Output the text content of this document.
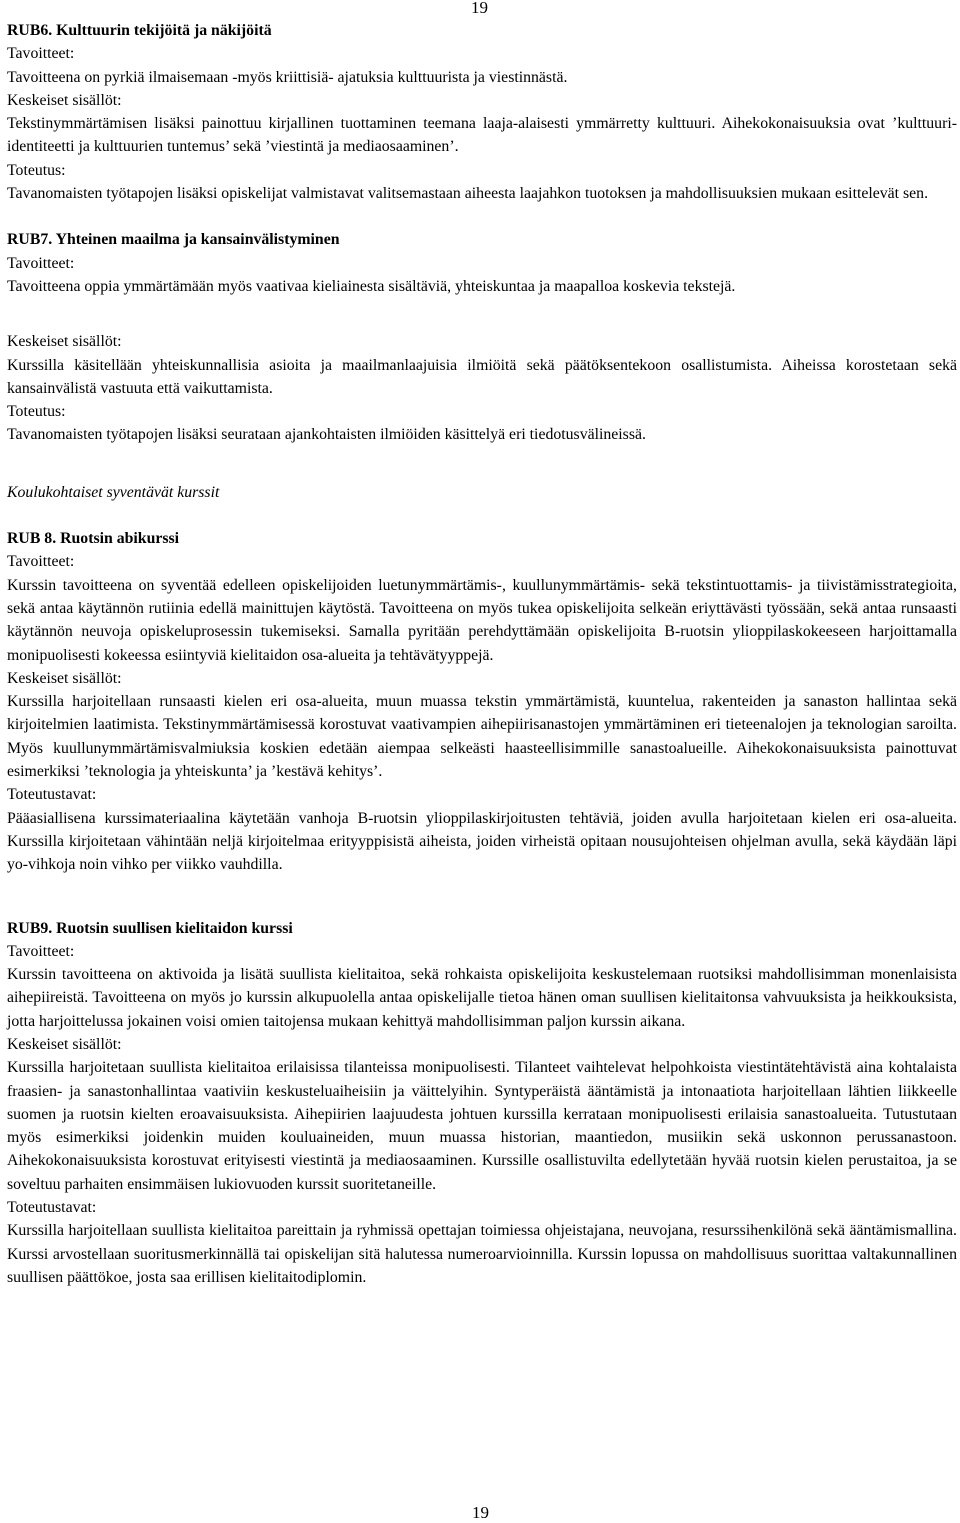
19

RUB6. Kulttuurin tekijöitä ja näkijöitä

Tavoitteet:

Tavoitteena on pyrkiä ilmaisemaan -myös kriittisiä- ajatuksia kulttuurista ja viestinnästä.

Keskeiset sisällöt:

Tekstinymmärtämisen lisäksi painottuu kirjallinen tuottaminen teemana laaja-alaisesti ymmärretty kulttuuri. Aihekokonaisuuksia ovat ’kulttuuri-identiteetti ja kulttuurien tuntemus’ sekä ’viestintä ja mediaosaaminen’.

Toteutus:

Tavanomaisten työtapojen lisäksi opiskelijat valmistavat valitsemastaan aiheesta laajahkon tuotoksen ja mahdollisuuksien mukaan esittelevät sen.

RUB7. Yhteinen maailma ja kansainvälistyminen

Tavoitteet:

Tavoitteena oppia ymmärtämään myös vaativaa kieliainesta sisältäviä, yhteiskuntaa ja maapalloa koskevia tekstejä.

Keskeiset sisällöt:

Kurssilla käsitellään yhteiskunnallisia asioita ja maailmanlaajuisia ilmiöitä sekä päätöksentekoon osallistumista. Aiheissa korostetaan sekä kansainvälistä vastuuta että vaikuttamista.

Toteutus:

Tavanomaisten työtapojen lisäksi seurataan ajankohtaisten ilmiöiden käsittelyä eri tiedotusvälineissä.

Koulukohtaiset syventävät kurssit

RUB 8. Ruotsin abikurssi

Tavoitteet:

Kurssin tavoitteena on syventää edelleen opiskelijoiden luetunymmärtämis-, kuullunymmärtämis- sekä tekstintuottamis- ja tiivistämisstrategioita, sekä antaa käytännön rutiinia edellä mainittujen käytöstä. Tavoitteena on myös tukea opiskelijoita selkeän eriyttävästi työssään, sekä antaa runsaasti käytännön neuvoja opiskeluprosessin tukemiseksi. Samalla pyritään perehdyttämään opiskelijoita B-ruotsin ylioppilaskokeeseen harjoittamalla monipuolisesti kokeessa esiintyviä kielitaidon osa-alueita ja tehtävätyyppejä.

Keskeiset sisällöt:

Kurssilla harjoitellaan runsaasti kielen eri osa-alueita, muun muassa tekstin ymmärtämistä, kuuntelua, rakenteiden ja sanaston hallintaa sekä kirjoitelmien laatimista. Tekstinymmärtämisessä korostuvat vaativampien aihepiirisanastojen ymmärtäminen eri tieteenalojen ja teknologian saroilta. Myös kuullunymmärtämisvalmiuksia koskien edetään aiempaa selkeästi haasteellisimmille sanastoalueille. Aihekokonaisuuksista painottuvat esimerkiksi ’teknologia ja yhteiskunta’ ja ’kestävä kehitys’.

Toteutustavat:

Pääasiallisena kurssimateriaalina käytetään vanhoja B-ruotsin ylioppilaskirjoitusten tehtäviä, joiden avulla harjoitetaan kielen eri osa-alueita. Kurssilla kirjoitetaan vähintään neljä kirjoitelmaa erityyppisistä aiheista, joiden virheistä opitaan nousujohteisen ohjelman avulla, sekä käydään läpi yo-vihkoja noin vihko per viikko vauhdilla.

RUB9. Ruotsin suullisen kielitaidon kurssi

Tavoitteet:

Kurssin tavoitteena on aktivoida ja lisätä suullista kielitaitoa, sekä rohkaista opiskelijoita keskustelemaan ruotsiksi mahdollisimman monenlaisista aihepiireistä. Tavoitteena on myös jo kurssin alkupuolella antaa opiskelijalle tietoa hänen oman suullisen kielitaitonsa vahvuuksista ja heikkouksista, jotta harjoittelussa jokainen voisi omien taitojensa mukaan kehittyä mahdollisimman paljon kurssin aikana.

Keskeiset sisällöt:

Kurssilla harjoitetaan suullista kielitaitoa erilaisissa tilanteissa monipuolisesti. Tilanteet vaihtelevat helpohkoista viestintätehtävistä aina kohtalaista fraasien- ja sanastonhallintaa vaativiin keskusteluaiheisiin ja väittelyihin. Syntyperäistä ääntämistä ja intonaatiota harjoitellaan lähtien liikkeelle suomen ja ruotsin kielten eroavaisuuksista. Aihepiirien laajuudesta johtuen kurssilla kerrataan monipuolisesti erilaisia sanastoalueita. Tutustutaan myös esimerkiksi joidenkin muiden kouluaineiden, muun muassa historian, maantiedon, musiikin sekä uskonnon perussanastoon. Aihekokonaisuuksista korostuvat erityisesti viestintä ja mediaosaaminen. Kurssille osallistuvilta edellytetään hyvää ruotsin kielen perustaitoa, ja se soveltuu parhaiten ensimmäisen lukiovuoden kurssit suoritetaneille.

Toteutustavat:

Kurssilla harjoitellaan suullista kielitaitoa pareittain ja ryhmissä opettajan toimiessa ohjeistajana, neuvojana, resurssihenkilönä sekä ääntämismallina. Kurssi arvostellaan suoritusmerkinnällä tai opiskelijan sitä halutessa numeroarvioinnilla. Kurssin lopussa on mahdollisuus suorittaa valtakunnallinen suullisen päättökoe, josta saa erillisen kielitaitodiplomin.

19
